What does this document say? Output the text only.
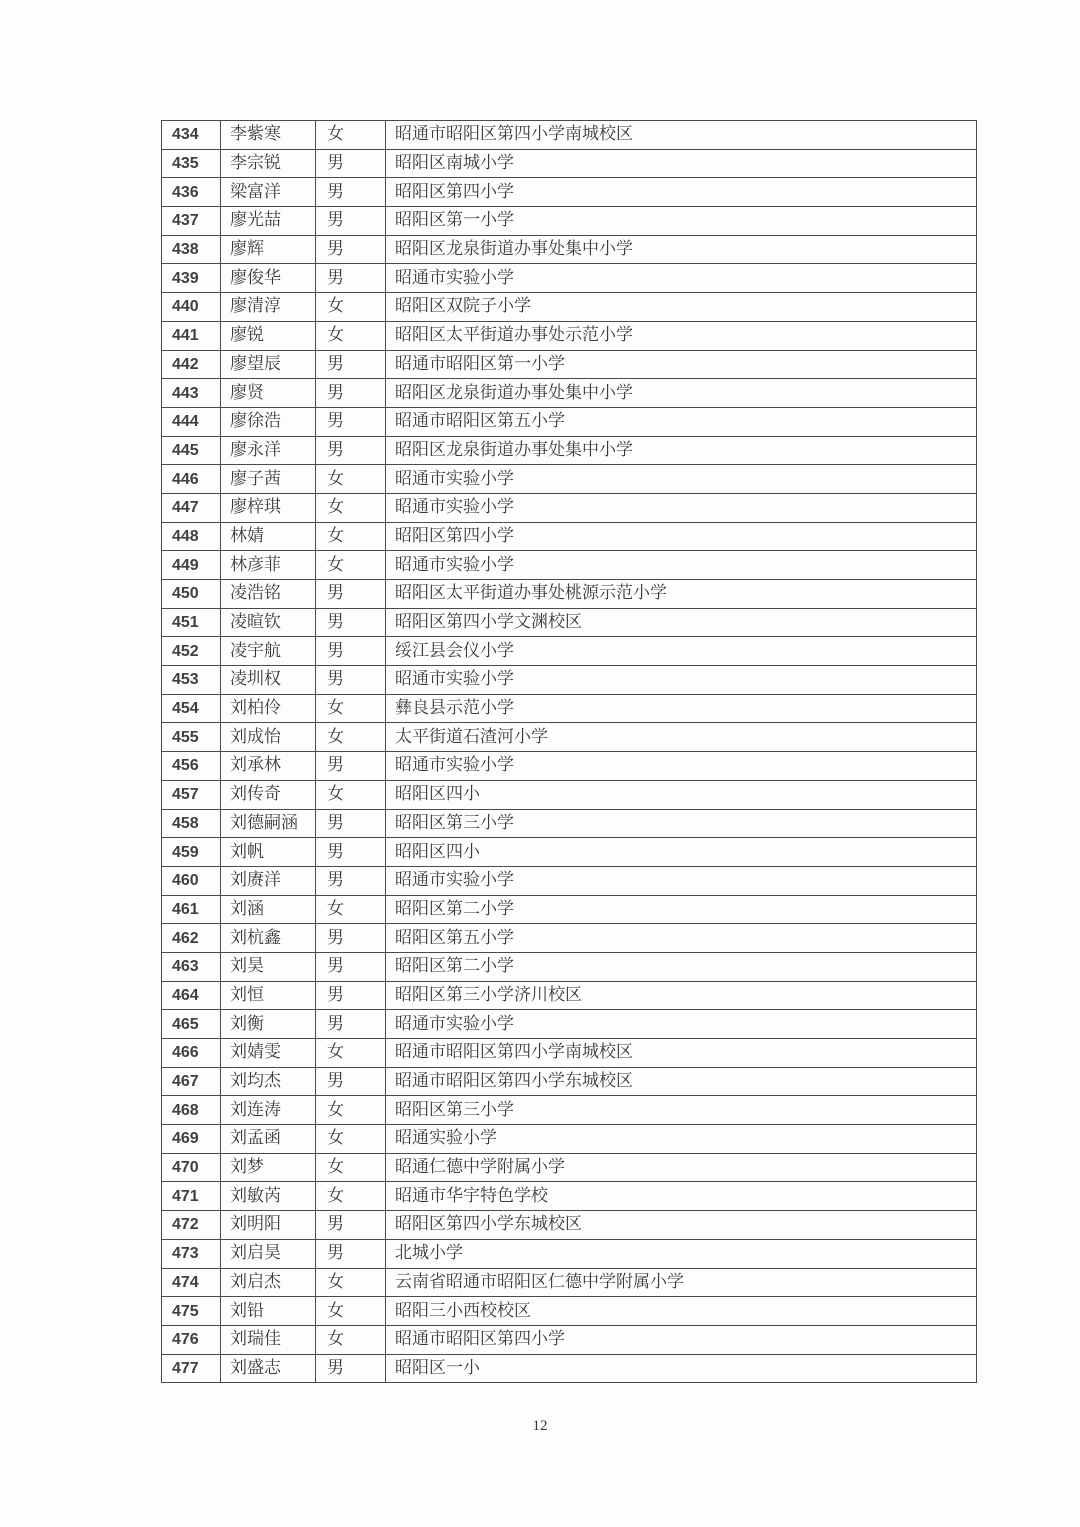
434	李紫寒	女	昭通市昭阳区第四小学南城校区
435	李宗锐	男	昭阳区南城小学
436	梁富洋	男	昭阳区第四小学
437	廖光喆	男	昭阳区第一小学
438	廖辉	男	昭阳区龙泉街道办事处集中小学
439	廖俊华	男	昭通市实验小学
440	廖清淳	女	昭阳区双院子小学
441	廖锐	女	昭阳区太平街道办事处示范小学
442	廖望辰	男	昭通市昭阳区第一小学
443	廖贤	男	昭阳区龙泉街道办事处集中小学
444	廖徐浩	男	昭通市昭阳区第五小学
445	廖永洋	男	昭阳区龙泉街道办事处集中小学
446	廖子茜	女	昭通市实验小学
447	廖梓琪	女	昭通市实验小学
448	林婧	女	昭阳区第四小学
449	林彦菲	女	昭通市实验小学
450	凌浩铭	男	昭阳区太平街道办事处桃源示范小学
451	凌暄钦	男	昭阳区第四小学文渊校区
452	凌宇航	男	绥江县会仪小学
453	凌圳权	男	昭通市实验小学
454	刘柏伶	女	彝良县示范小学
455	刘成怡	女	太平街道石渣河小学
456	刘承林	男	昭通市实验小学
457	刘传奇	女	昭阳区四小
458	刘德嗣涵	男	昭阳区第三小学
459	刘帆	男	昭阳区四小
460	刘赓洋	男	昭通市实验小学
461	刘涵	女	昭阳区第二小学
462	刘杭鑫	男	昭阳区第五小学
463	刘昊	男	昭阳区第二小学
464	刘恒	男	昭阳区第三小学济川校区
465	刘衡	男	昭通市实验小学
466	刘婧雯	女	昭通市昭阳区第四小学南城校区
467	刘均杰	男	昭通市昭阳区第四小学东城校区
468	刘连涛	女	昭阳区第三小学
469	刘孟函	女	昭通实验小学
470	刘梦	女	昭通仁德中学附属小学
471	刘敏芮	女	昭通市华宇特色学校
472	刘明阳	男	昭阳区第四小学东城校区
473	刘启昊	男	北城小学
474	刘启杰	女	云南省昭通市昭阳区仁德中学附属小学
475	刘铅	女	昭阳三小西校校区
476	刘瑞佳	女	昭通市昭阳区第四小学
477	刘盛志	男	昭阳区一小
12
